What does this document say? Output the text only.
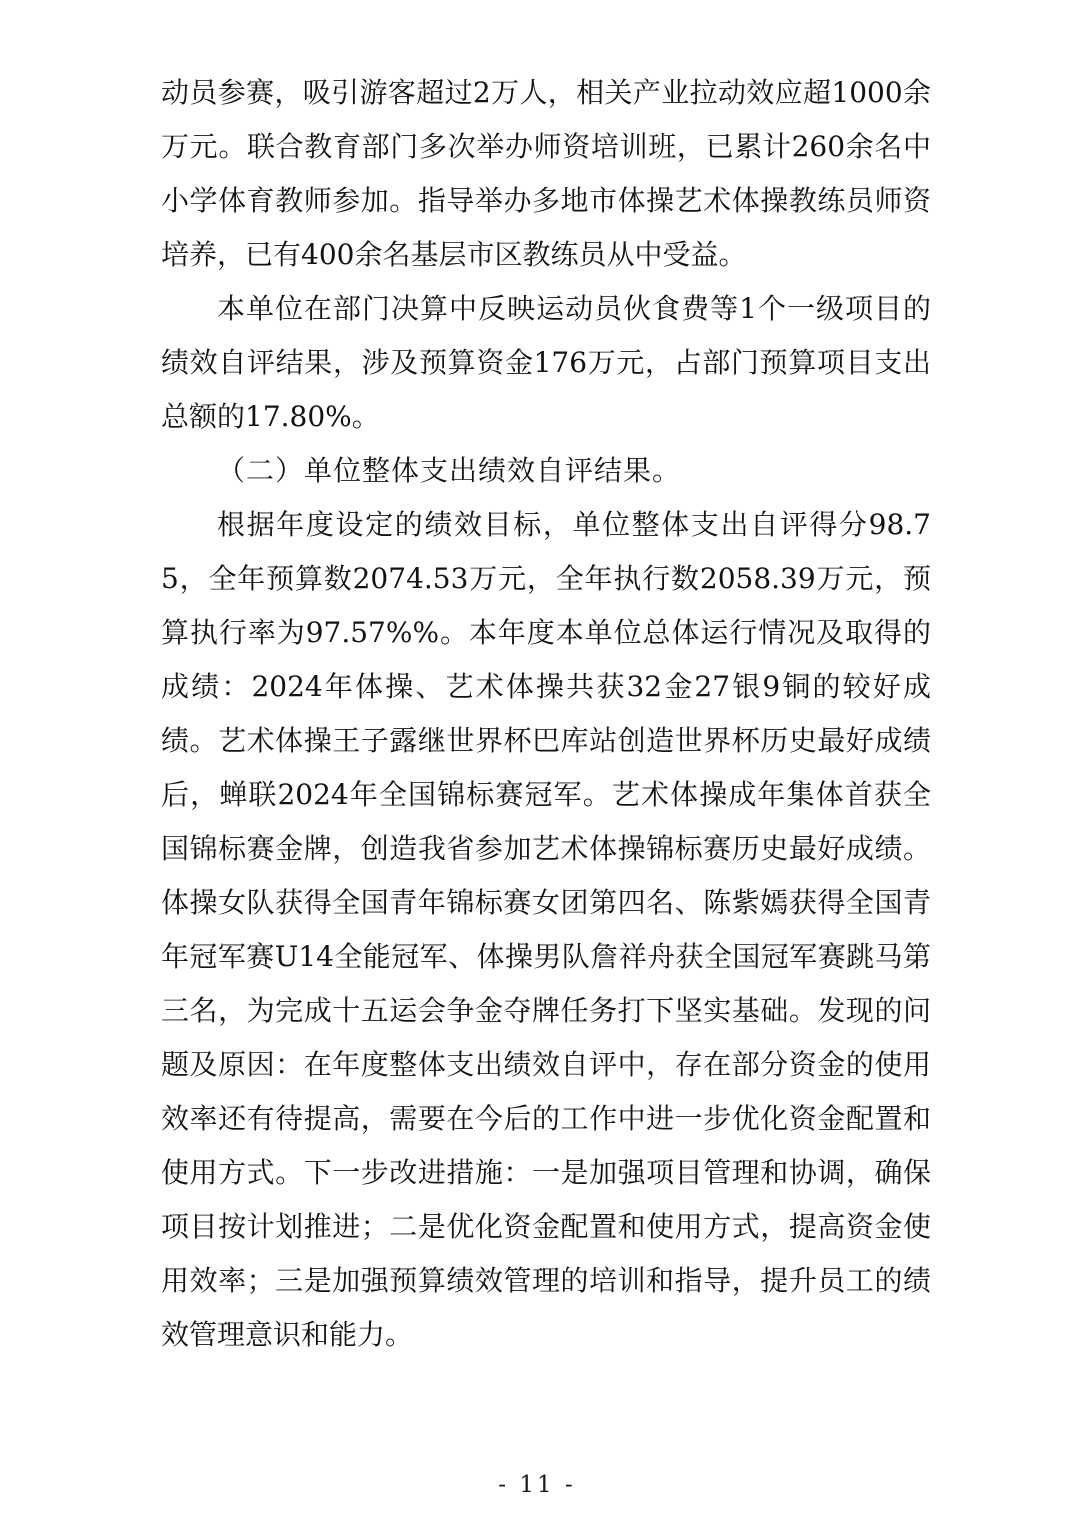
动员参赛，吸引游客超过2万人，相关产业拉动效应超1000余万元。联合教育部门多次举办师资培训班，已累计260余名中小学体育教师参加。指导举办多地市体操艺术体操教练员师资培养，已有400余名基层市区教练员从中受益。

本单位在部门决算中反映运动员伙食费等1个一级项目的绩效自评结果，涉及预算资金176万元，占部门预算项目支出总额的17.80%。

（二）单位整体支出绩效自评结果。

根据年度设定的绩效目标，单位整体支出自评得分98.75，全年预算数2074.53万元，全年执行数2058.39万元，预算执行率为97.57%%。本年度本单位总体运行情况及取得的成绩：2024年体操、艺术体操共获32金27银9铜的较好成绩。艺术体操王子露继世界杯巴库站创造世界杯历史最好成绩后，蝉联2024年全国锦标赛冠军。艺术体操成年集体首获全国锦标赛金牌，创造我省参加艺术体操锦标赛历史最好成绩。体操女队获得全国青年锦标赛女团第四名、陈紫嫣获得全国青年冠军赛U14全能冠军、体操男队詹祥舟获全国冠军赛跳马第三名，为完成十五运会争金夺牌任务打下坚实基础。发现的问题及原因：在年度整体支出绩效自评中，存在部分资金的使用效率还有待提高，需要在今后的工作中进一步优化资金配置和使用方式。下一步改进措施：一是加强项目管理和协调，确保项目按计划推进；二是优化资金配置和使用方式，提高资金使用效率；三是加强预算绩效管理的培训和指导，提升员工的绩效管理意识和能力。

- 11 -
